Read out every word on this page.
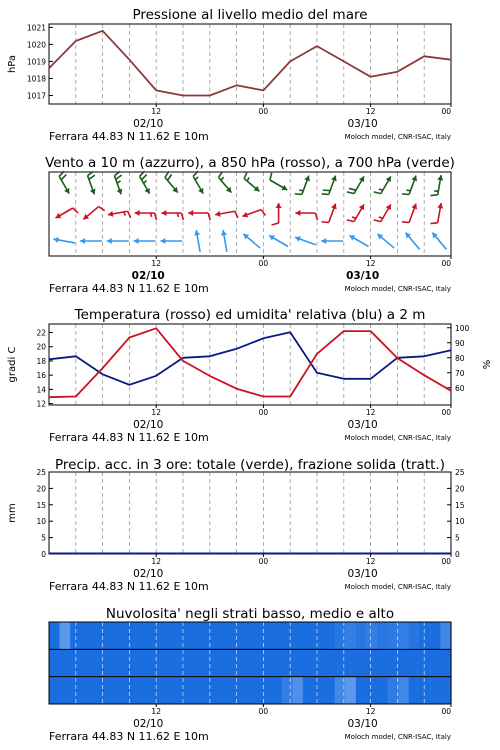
Pressione al livello medio del mare
1017
1018
1019
1020
1021
hPa
12	00	12	00
02/10	03/10
Ferrara 44.83 N 11.62 E 10m	Moloch model, CNR-ISAC, Italy
Vento a 10 m (azzurro), a 850 hPa (rosso), a 700 hPa (verde)
12	00	12	00
02/10	03/10
Ferrara 44.83 N 11.62 E 10m	Moloch model, CNR-ISAC, Italy
Temperatura (rosso) ed umidita' relativa (blu) a 2 m
12
14
16
18
20
22
60
70
80
90
100
gradi C	%
12	00	12	00
02/10	03/10
Ferrara 44.83 N 11.62 E 10m	Moloch model, CNR-ISAC, Italy
Precip. acc. in 3 ore: totale (verde), frazione solida (tratt.)
0
5
10
15
20
25
0
5
10
15
20
25
mm
12	00	12	00
02/10	03/10
Ferrara 44.83 N 11.62 E 10m	Moloch model, CNR-ISAC, Italy
Nuvolosita' negli strati basso, medio e alto
12	00	12	00
02/10	03/10
Ferrara 44.83 N 11.62 E 10m	Moloch model, CNR-ISAC, Italy
